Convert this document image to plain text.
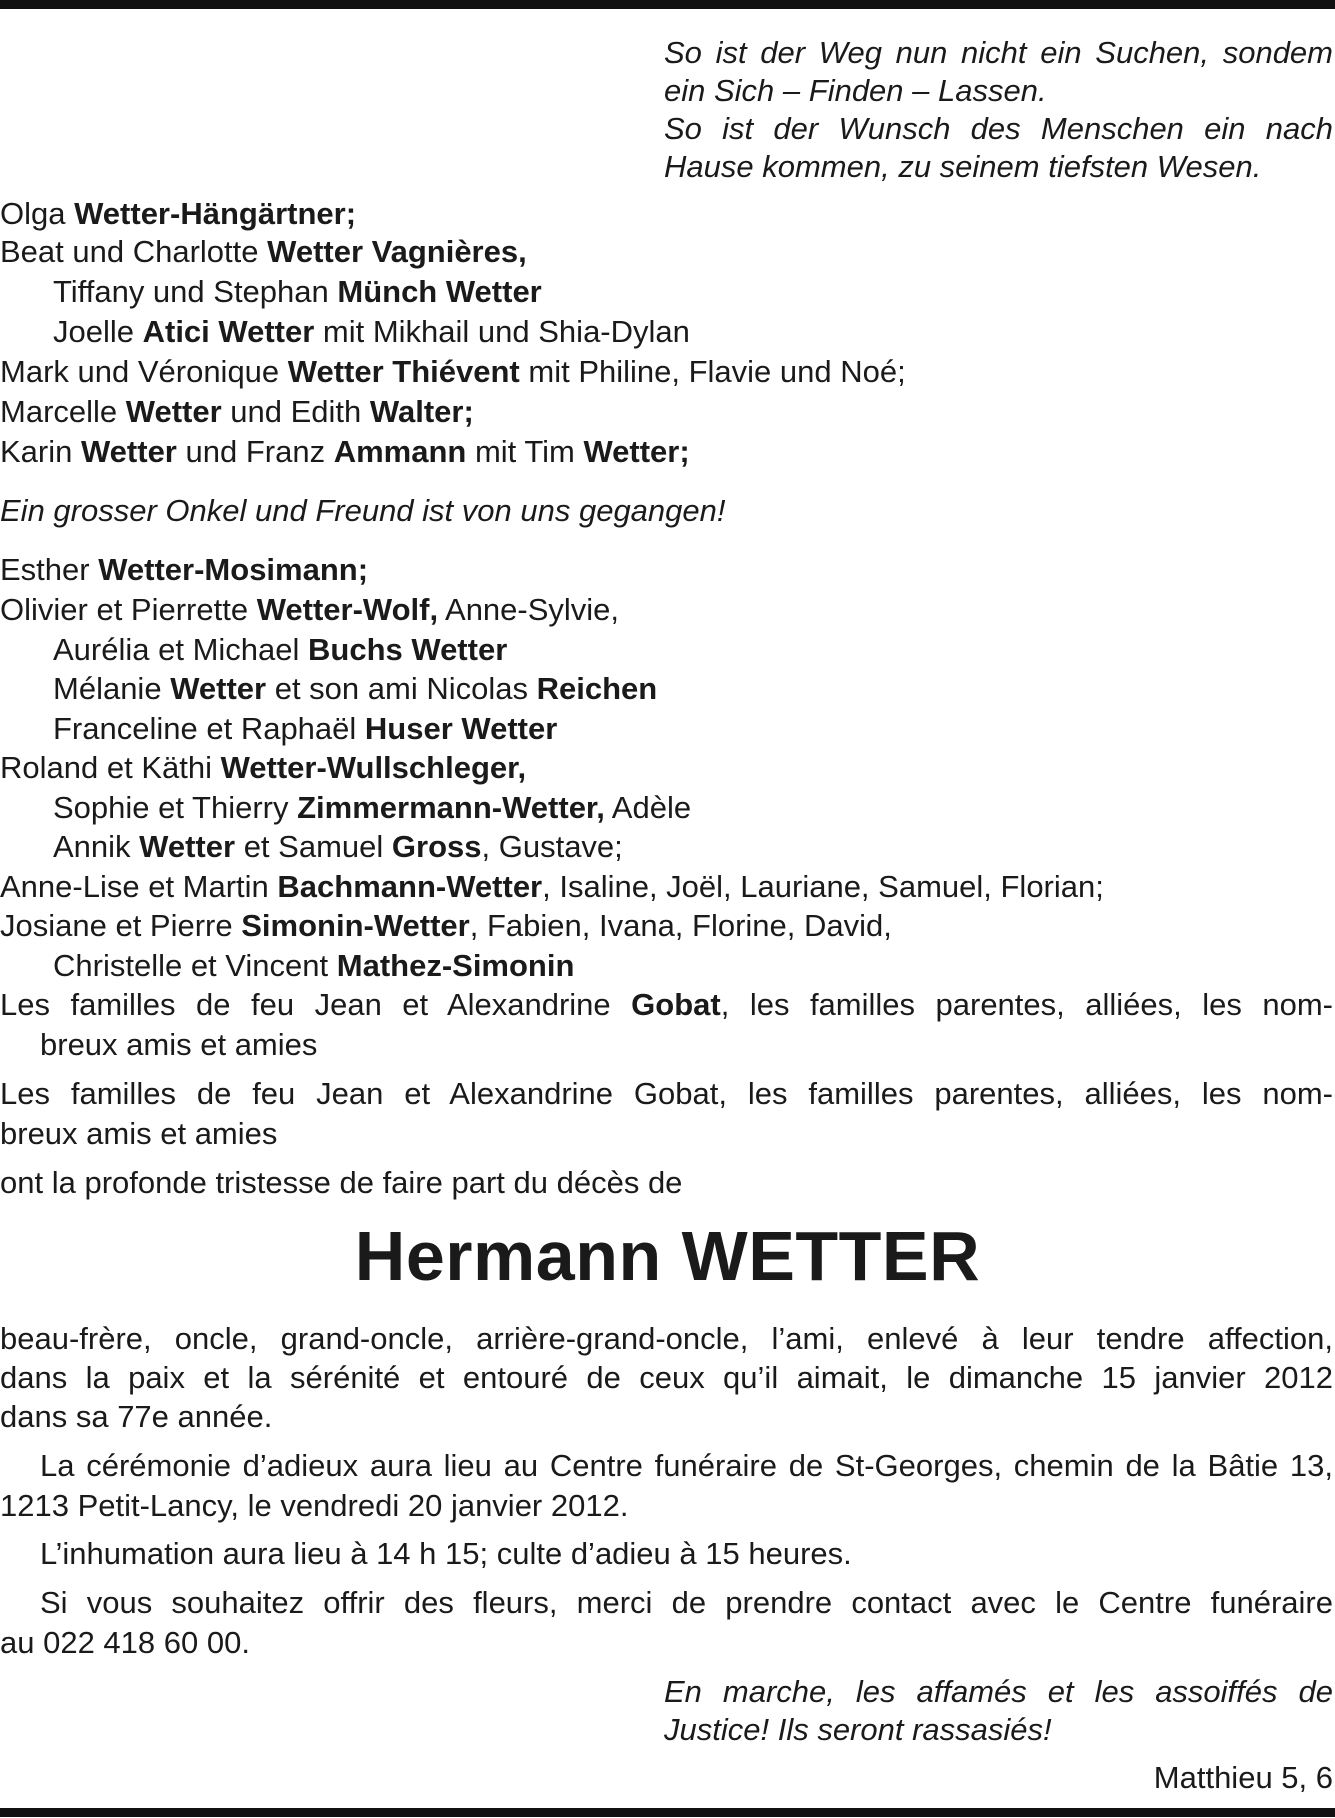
So ist der Weg nun nicht ein Suchen, sondem
ein Sich – Finden – Lassen.
So ist der Wunsch des Menschen ein nach
Hause kommen, zu seinem tiefsten Wesen.
Olga Wetter-Hängärtner;
Beat und Charlotte Wetter Vagnières,
Tiffany und Stephan Münch Wetter
Joelle Atici Wetter mit Mikhail und Shia-Dylan
Mark und Véronique Wetter Thiévent mit Philine, Flavie und Noé;
Marcelle Wetter und Edith Walter;
Karin Wetter und Franz Ammann mit Tim Wetter;
Ein grosser Onkel und Freund ist von uns gegangen!
Esther Wetter-Mosimann;
Olivier et Pierrette Wetter-Wolf, Anne-Sylvie,
Aurélia et Michael Buchs Wetter
Mélanie Wetter et son ami Nicolas Reichen
Franceline et Raphaël Huser Wetter
Roland et Käthi Wetter-Wullschleger,
Sophie et Thierry Zimmermann-Wetter, Adèle
Annik Wetter et Samuel Gross, Gustave;
Anne-Lise et Martin Bachmann-Wetter, Isaline, Joël, Lauriane, Samuel, Florian;
Josiane et Pierre Simonin-Wetter, Fabien, Ivana, Florine, David,
Christelle et Vincent Mathez-Simonin
Les familles de feu Jean et Alexandrine Gobat, les familles parentes, alliées, les nom-
breux amis et amies
Les familles de feu Jean et Alexandrine Gobat, les familles parentes, alliées, les nom-
breux amis et amies
ont la profonde tristesse de faire part du décès de
Hermann WETTER
beau-frère, oncle, grand-oncle, arrière-grand-oncle, l’ami, enlevé à leur tendre affection,
dans la paix et la sérénité et entouré de ceux qu’il aimait, le dimanche 15 janvier 2012
dans sa 77e année.
La cérémonie d’adieux aura lieu au Centre funéraire de St-Georges, chemin de la Bâtie 13,
1213 Petit-Lancy, le vendredi 20 janvier 2012.
L’inhumation aura lieu à 14 h 15; culte d’adieu à 15 heures.
Si vous souhaitez offrir des fleurs, merci de prendre contact avec le Centre funéraire
au 022 418 60 00.
En marche, les affamés et les assoiffés de
Justice! Ils seront rassasiés!
Matthieu 5, 6
